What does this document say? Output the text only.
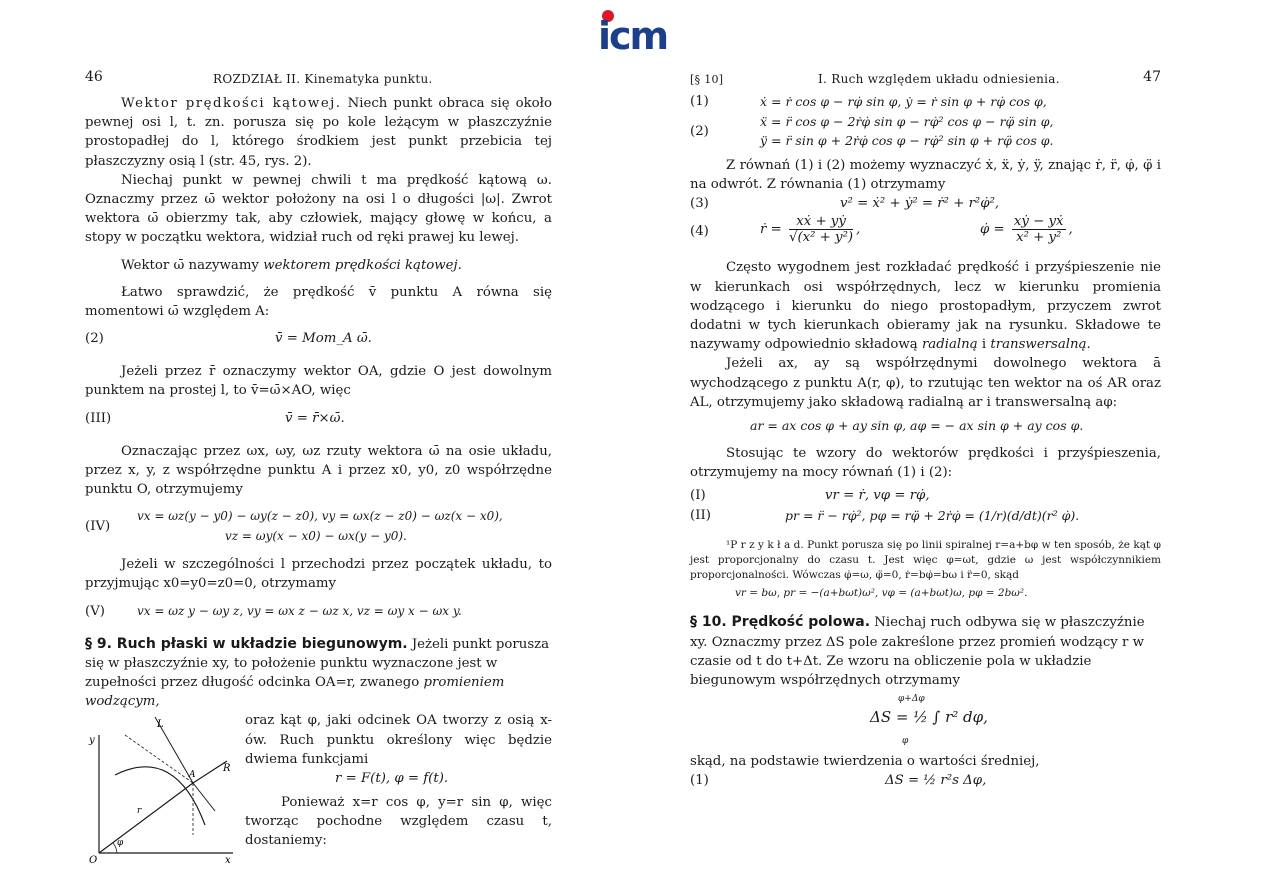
icm
46	ROZDZIAŁ II. Kinematyka punktu.

Wektor prędkości kątowej. Niech punkt obraca się około pewnej osi l, t. zn. porusza się po kole leżącym w płaszczyźnie prostopadłej do l, którego środkiem jest punkt przebicia tej płaszczyzny osią l (str. 45, rys. 2).

Niechaj punkt w pewnej chwili t ma prędkość kątową ω. Oznaczmy przez ω̄ wektor położony na osi l o długości |ω|. Zwrot wektora ω̄ obierzmy tak, aby człowiek, mający głowę w końcu, a stopy w początku wektora, widział ruch od ręki prawej ku lewej.

Wektor ω̄ nazywamy wektorem prędkości kątowej.

Łatwo sprawdzić, że prędkość v̄ punktu A równa się momentowi ω̄ względem A:

(2)	v̄ = Mom_A ω̄.

Jeżeli przez r̄ oznaczymy wektor OA, gdzie O jest dowolnym punktem na prostej l, to v̄=ω̄×AO, więc

(III)	v̄ = r̄×ω̄.

Oznaczając przez ωx, ωy, ωz rzuty wektora ω̄ na osie układu, przez x, y, z współrzędne punktu A i przez x0, y0, z0 współrzędne punktu O, otrzymujemy

(IV)
vx = ωz(y − y0) − ωy(z − z0), vy = ωx(z − z0) − ωz(x − x0),
vz = ωy(x − x0) − ωx(y − y0).

Jeżeli w szczególności l przechodzi przez początek układu, to przyjmując x0=y0=z0=0, otrzymamy

(V)	vx = ωz y − ωy z, vy = ωx z − ωz x, vz = ωy x − ωx y.

§ 9. Ruch płaski w układzie biegunowym. Jeżeli punkt porusza się w płaszczyźnie xy, to położenie punktu wyznaczone jest w zupełności przez długość odcinka OA=r, zwanego promieniem wodzącym,

L
y
O	x
A
R
r
φ

oraz kąt φ, jaki odcinek OA tworzy z osią x-ów. Ruch punktu określony więc będzie dwiema funkcjami

r = F(t), φ = f(t).

Ponieważ x=r cos φ, y=r sin φ, więc tworząc pochodne względem czasu t, dostaniemy:

[§ 10]	I. Ruch względem układu odniesienia.	47
(1)	ẋ = ṙ cos φ − rφ̇ sin φ, ẏ = ṙ sin φ + rφ̇ cos φ,
(2)
ẍ = r̈ cos φ − 2ṙφ̇ sin φ − rφ̇² cos φ − rφ̈ sin φ,
ÿ = r̈ sin φ + 2ṙφ̇ cos φ − rφ̇² sin φ + rφ̈ cos φ.

Z równań (1) i (2) możemy wyznaczyć ẋ, ẍ, ẏ, ÿ, znając ṙ, r̈, φ̇, φ̈ i na odwrót. Z równania (1) otrzymamy

(3)	v² = ẋ² + ẏ² = ṙ² + r²φ̇²,
(4)	ṙ = $\frac{\text{xẋ + yẏ}}{\text{√(x² + y²)}}$ ,	φ̇ = $\frac{\text{xẏ − yẋ}}{\text{x² + y²}}$ ,

Często wygodnem jest rozkładać prędkość i przyśpieszenie nie w kierunkach osi współrzędnych, lecz w kierunku promienia wodzącego i kierunku do niego prostopadłym, przyczem zwrot dodatni w tych kierunkach obieramy jak na rysunku. Składowe te nazywamy odpowiednio składową radialną i transwersalną.

Jeżeli ax, ay są współrzędnymi dowolnego wektora ā wychodzącego z punktu A(r, φ), to rzutując ten wektor na oś AR oraz AL, otrzymujemy jako składową radialną ar i transwersalną aφ:

ar = ax cos φ + ay sin φ, aφ = − ax sin φ + ay cos φ.

Stosując te wzory do wektorów prędkości i przyśpieszenia, otrzymujemy na mocy równań (1) i (2):

(I)	vr = ṙ, vφ = rφ̇,
(II)	pr = r̈ − rφ̇², pφ = rφ̈ + 2ṙφ̇ = (1/r)(d/dt)(r² φ̇).

¹P r z y k ł a d. Punkt porusza się po linii spiralnej r=a+bφ w ten sposób, że kąt φ jest proporcjonalny do czasu t. Jest więc φ=ωt, gdzie ω jest współczynnikiem proporcjonalności. Wówczas φ̇=ω, φ̈=0, ṙ=bφ̇=bω i r̈=0, skąd

vr = bω, pr = −(a+bωt)ω², vφ = (a+bωt)ω, pφ = 2bω².

§ 10. Prędkość polowa. Niechaj ruch odbywa się w płaszczyźnie xy. Oznaczmy przez ΔS pole zakreślone przez promień wodzący r w czasie od t do t+Δt. Ze wzoru na obliczenie pola w układzie biegunowym współrzędnych otrzymamy

φ+Δφ
ΔS = ½ ∫ r² dφ,
φ

skąd, na podstawie twierdzenia o wartości średniej,

(1)	ΔS = ½ r²s Δφ,
